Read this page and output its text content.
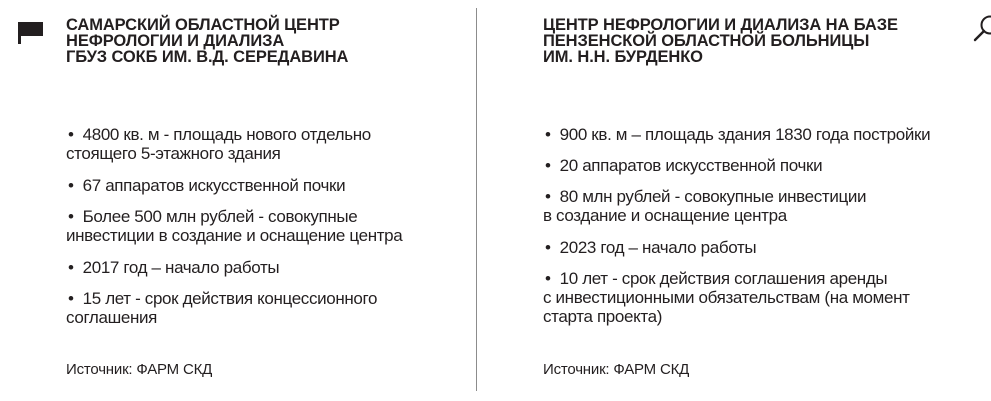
САМАРСКИЙ ОБЛАСТНОЙ ЦЕНТР
НЕФРОЛОГИИ И ДИАЛИЗА
ГБУЗ СОКБ ИМ. В.Д. СЕРЕДАВИНА
• 4800 кв. м - площадь нового отдельно
стоящего 5-этажного здания
• 67 аппаратов искусственной почки
• Более 500 млн рублей - совокупные
инвестиции в создание и оснащение центра
• 2017 год – начало работы
• 15 лет - срок действия концессионного
соглашения
Источник: ФАРМ СКД
ЦЕНТР НЕФРОЛОГИИ И ДИАЛИЗА НА БАЗЕ
ПЕНЗЕНСКОЙ ОБЛАСТНОЙ БОЛЬНИЦЫ
ИМ. Н.Н. БУРДЕНКО
• 900 кв. м – площадь здания 1830 года постройки
• 20 аппаратов искусственной почки
• 80 млн рублей - совокупные инвестиции
в создание и оснащение центра
• 2023 год – начало работы
• 10 лет - срок действия соглашения аренды
с инвестиционными обязательствам (на момент
старта проекта)
Источник: ФАРМ СКД
